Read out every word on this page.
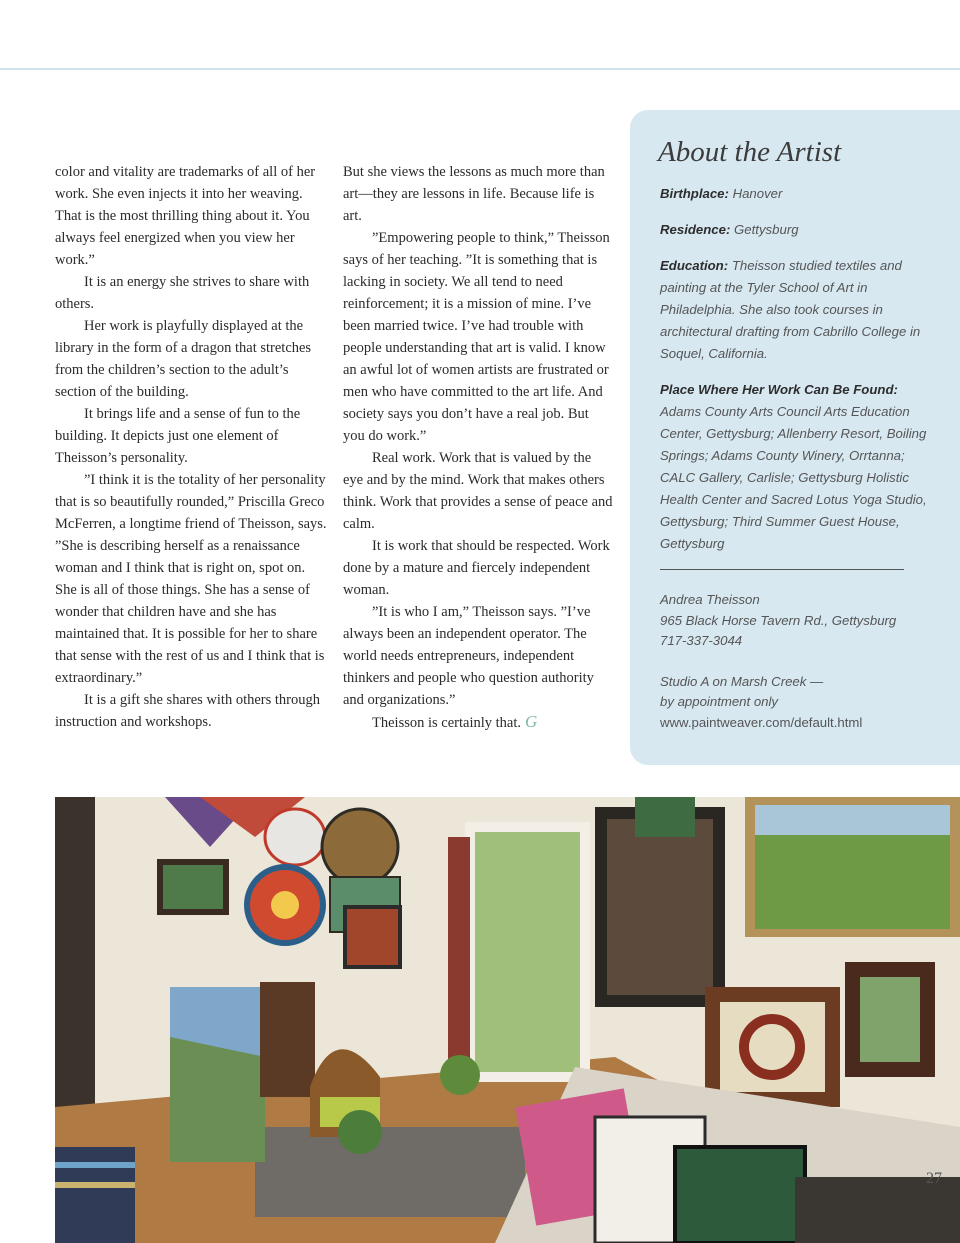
color and vitality are trademarks of all of her work. She even injects it into her weaving. That is the most thrilling thing about it. You always feel energized when you view her work.”

It is an energy she strives to share with others.

Her work is playfully displayed at the library in the form of a dragon that stretches from the children’s section to the adult’s section of the building.

It brings life and a sense of fun to the building. It depicts just one element of Theisson’s personality.

”I think it is the totality of her personality that is so beautifully rounded,” Priscilla Greco McFerren, a longtime friend of Theisson, says. ”She is describing herself as a renaissance woman and I think that is right on, spot on. She is all of those things. She has a sense of wonder that children have and she has maintained that. It is possible for her to share that sense with the rest of us and I think that is extraordinary.”

It is a gift she shares with others through instruction and workshops.

But she views the lessons as much more than art—they are lessons in life. Because life is art.

”Empowering people to think,” Theisson says of her teaching. ”It is something that is lacking in society. We all tend to need reinforcement; it is a mission of mine. I’ve been married twice. I’ve had trouble with people understanding that art is valid. I know an awful lot of women artists are frustrated or men who have committed to the art life. And society says you don’t have a real job. But you do work.”

Real work. Work that is valued by the eye and by the mind. Work that makes others think. Work that provides a sense of peace and calm.

It is work that should be respected. Work done by a mature and fiercely independent woman.

”It is who I am,” Theisson says. ”I’ve always been an independent operator. The world needs entrepreneurs, independent thinkers and people who question authority and organizations.”

Theisson is certainly that. G

About the Artist

Birthplace: Hanover

Residence: Gettysburg

Education: Theisson studied textiles and painting at the Tyler School of Art in Philadelphia. She also took courses in architectural drafting from Cabrillo College in Soquel, California.

Place Where Her Work Can Be Found: Adams County Arts Council Arts Education Center, Gettysburg; Allenberry Resort, Boiling Springs; Adams County Winery, Orrtanna; CALC Gallery, Carlisle; Gettysburg Holistic Health Center and Sacred Lotus Yoga Studio, Gettysburg; Third Summer Guest House, Gettysburg

Andrea Theisson
965 Black Horse Tavern Rd., Gettysburg
717-337-3044

Studio A on Marsh Creek —
by appointment only
www.paintweaver.com/default.html

27
